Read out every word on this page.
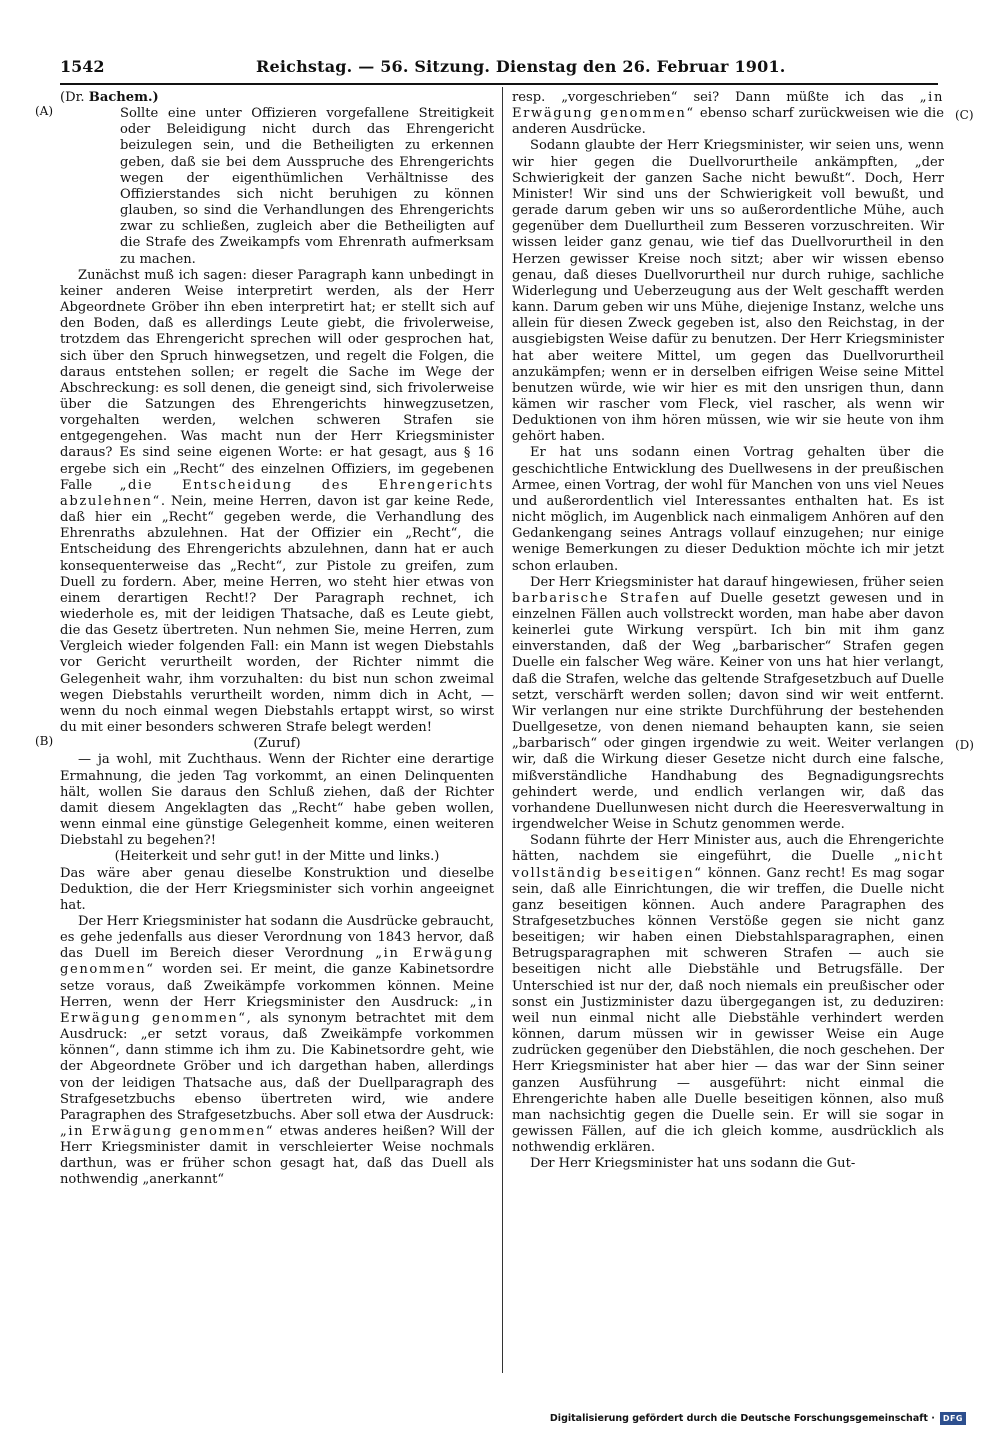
1542	Reichstag. — 56. Sitzung. Dienstag den 26. Februar 1901.
(A)
(B)
(C)
(D)

(Dr. Bachem.)

Sollte eine unter Offizieren vorgefallene Streitigkeit oder Beleidigung nicht durch das Ehrengericht beizulegen sein, und die Betheiligten zu erkennen geben, daß sie bei dem Ausspruche des Ehrengerichts wegen der eigenthümlichen Verhältnisse des Offizierstandes sich nicht beruhigen zu können glauben, so sind die Verhandlungen des Ehrengerichts zwar zu schließen, zugleich aber die Betheiligten auf die Strafe des Zweikampfs vom Ehrenrath aufmerksam zu machen.

Zunächst muß ich sagen: dieser Paragraph kann unbedingt in keiner anderen Weise interpretirt werden, als der Herr Abgeordnete Gröber ihn eben interpretirt hat; er stellt sich auf den Boden, daß es allerdings Leute giebt, die frivolerweise, trotzdem das Ehrengericht sprechen will oder gesprochen hat, sich über den Spruch hinwegsetzen, und regelt die Folgen, die daraus entstehen sollen; er regelt die Sache im Wege der Abschreckung: es soll denen, die geneigt sind, sich frivolerweise über die Satzungen des Ehrengerichts hinwegzusetzen, vorgehalten werden, welchen schweren Strafen sie entgegengehen. Was macht nun der Herr Kriegsminister daraus? Es sind seine eigenen Worte: er hat gesagt, aus § 16 ergebe sich ein „Recht“ des einzelnen Offiziers, im gegebenen Falle „die Entscheidung des Ehrengerichts abzulehnen“. Nein, meine Herren, davon ist gar keine Rede, daß hier ein „Recht“ gegeben werde, die Verhandlung des Ehrenraths abzulehnen. Hat der Offizier ein „Recht“, die Entscheidung des Ehrengerichts abzulehnen, dann hat er auch konsequenterweise das „Recht“, zur Pistole zu greifen, zum Duell zu fordern. Aber, meine Herren, wo steht hier etwas von einem derartigen Recht!? Der Paragraph rechnet, ich wiederhole es, mit der leidigen Thatsache, daß es Leute giebt, die das Gesetz übertreten. Nun nehmen Sie, meine Herren, zum Vergleich wieder folgenden Fall: ein Mann ist wegen Diebstahls vor Gericht verurtheilt worden, der Richter nimmt die Gelegenheit wahr, ihm vorzuhalten: du bist nun schon zweimal wegen Diebstahls verurtheilt worden, nimm dich in Acht, — wenn du noch einmal wegen Diebstahls ertappt wirst, so wirst du mit einer besonders schweren Strafe belegt werden!

(Zuruf)

— ja wohl, mit Zuchthaus. Wenn der Richter eine derartige Ermahnung, die jeden Tag vorkommt, an einen Delinquenten hält, wollen Sie daraus den Schluß ziehen, daß der Richter damit diesem Angeklagten das „Recht“ habe geben wollen, wenn einmal eine günstige Gelegenheit komme, einen weiteren Diebstahl zu begehen?!

(Heiterkeit und sehr gut! in der Mitte und links.)

Das wäre aber genau dieselbe Konstruktion und dieselbe Deduktion, die der Herr Kriegsminister sich vorhin angeeignet hat.

Der Herr Kriegsminister hat sodann die Ausdrücke gebraucht, es gehe jedenfalls aus dieser Verordnung von 1843 hervor, daß das Duell im Bereich dieser Verordnung „in Erwägung genommen“ worden sei. Er meint, die ganze Kabinetsordre setze voraus, daß Zweikämpfe vorkommen können. Meine Herren, wenn der Herr Kriegsminister den Ausdruck: „in Erwägung genommen“, als synonym betrachtet mit dem Ausdruck: „er setzt voraus, daß Zweikämpfe vorkommen können“, dann stimme ich ihm zu. Die Kabinetsordre geht, wie der Abgeordnete Gröber und ich dargethan haben, allerdings von der leidigen Thatsache aus, daß der Duellparagraph des Strafgesetzbuchs ebenso übertreten wird, wie andere Paragraphen des Strafgesetzbuchs. Aber soll etwa der Ausdruck: „in Erwägung genommen“ etwas anderes heißen? Will der Herr Kriegsminister damit in verschleierter Weise nochmals darthun, was er früher schon gesagt hat, daß das Duell als nothwendig „anerkannt“

resp. „vorgeschrieben“ sei? Dann müßte ich das „in Erwägung genommen“ ebenso scharf zurückweisen wie die anderen Ausdrücke.

Sodann glaubte der Herr Kriegsminister, wir seien uns, wenn wir hier gegen die Duellvorurtheile ankämpften, „der Schwierigkeit der ganzen Sache nicht bewußt“. Doch, Herr Minister! Wir sind uns der Schwierigkeit voll bewußt, und gerade darum geben wir uns so außerordentliche Mühe, auch gegenüber dem Duellurtheil zum Besseren vorzuschreiten. Wir wissen leider ganz genau, wie tief das Duellvorurtheil in den Herzen gewisser Kreise noch sitzt; aber wir wissen ebenso genau, daß dieses Duellvorurtheil nur durch ruhige, sachliche Widerlegung und Ueberzeugung aus der Welt geschafft werden kann. Darum geben wir uns Mühe, diejenige Instanz, welche uns allein für diesen Zweck gegeben ist, also den Reichstag, in der ausgiebigsten Weise dafür zu benutzen. Der Herr Kriegsminister hat aber weitere Mittel, um gegen das Duellvorurtheil anzukämpfen; wenn er in derselben eifrigen Weise seine Mittel benutzen würde, wie wir hier es mit den unsrigen thun, dann kämen wir rascher vom Fleck, viel rascher, als wenn wir Deduktionen von ihm hören müssen, wie wir sie heute von ihm gehört haben.

Er hat uns sodann einen Vortrag gehalten über die geschichtliche Entwicklung des Duellwesens in der preußischen Armee, einen Vortrag, der wohl für Manchen von uns viel Neues und außerordentlich viel Interessantes enthalten hat. Es ist nicht möglich, im Augenblick nach einmaligem Anhören auf den Gedankengang seines Antrags vollauf einzugehen; nur einige wenige Bemerkungen zu dieser Deduktion möchte ich mir jetzt schon erlauben.

Der Herr Kriegsminister hat darauf hingewiesen, früher seien barbarische Strafen auf Duelle gesetzt gewesen und in einzelnen Fällen auch vollstreckt worden, man habe aber davon keinerlei gute Wirkung verspürt. Ich bin mit ihm ganz einverstanden, daß der Weg „barbarischer“ Strafen gegen Duelle ein falscher Weg wäre. Keiner von uns hat hier verlangt, daß die Strafen, welche das geltende Strafgesetzbuch auf Duelle setzt, verschärft werden sollen; davon sind wir weit entfernt. Wir verlangen nur eine strikte Durchführung der bestehenden Duellgesetze, von denen niemand behaupten kann, sie seien „barbarisch“ oder gingen irgendwie zu weit. Weiter verlangen wir, daß die Wirkung dieser Gesetze nicht durch eine falsche, mißverständliche Handhabung des Begnadigungsrechts gehindert werde, und endlich verlangen wir, daß das vorhandene Duellunwesen nicht durch die Heeresverwaltung in irgendwelcher Weise in Schutz genommen werde.

Sodann führte der Herr Minister aus, auch die Ehrengerichte hätten, nachdem sie eingeführt, die Duelle „nicht vollständig beseitigen“ können. Ganz recht! Es mag sogar sein, daß alle Einrichtungen, die wir treffen, die Duelle nicht ganz beseitigen können. Auch andere Paragraphen des Strafgesetzbuches können Verstöße gegen sie nicht ganz beseitigen; wir haben einen Diebstahlsparagraphen, einen Betrugsparagraphen mit schweren Strafen — auch sie beseitigen nicht alle Diebstähle und Betrugsfälle. Der Unterschied ist nur der, daß noch niemals ein preußischer oder sonst ein Justizminister dazu übergegangen ist, zu deduziren: weil nun einmal nicht alle Diebstähle verhindert werden können, darum müssen wir in gewisser Weise ein Auge zudrücken gegenüber den Diebstählen, die noch geschehen. Der Herr Kriegsminister hat aber hier — das war der Sinn seiner ganzen Ausführung — ausgeführt: nicht einmal die Ehrengerichte haben alle Duelle beseitigen können, also muß man nachsichtig gegen die Duelle sein. Er will sie sogar in gewissen Fällen, auf die ich gleich komme, ausdrücklich als nothwendig erklären.

Der Herr Kriegsminister hat uns sodann die Gut-

Digitalisierung gefördert durch die Deutsche Forschungsgemeinschaft ·	DFG
